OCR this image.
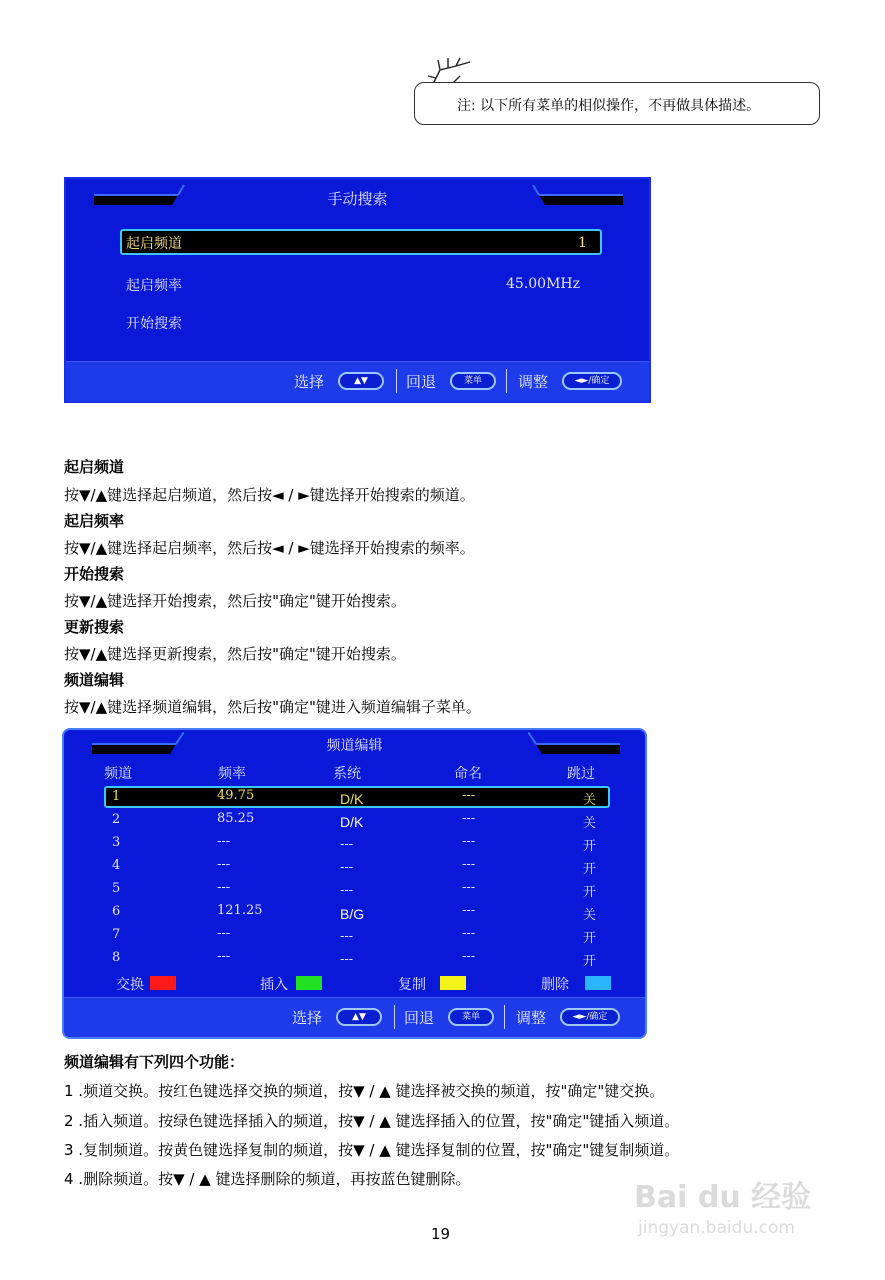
注: 以下所有菜单的相似操作，不再做具体描述。
手动搜索
起启频道	1
起启频率	45.00MHz
开始搜索
选择	▲▼	回退	菜单	调整	◄►/确定
起启频道
按▼/▲键选择起启频道，然后按◄ / ►键选择开始搜索的频道。
起启频率
按▼/▲键选择起启频率，然后按◄ / ►键选择开始搜索的频率。
开始搜索
按▼/▲键选择开始搜索，然后按"确定"键开始搜索。
更新搜索
按▼/▲键选择更新搜索，然后按"确定"键开始搜索。
频道编辑
按▼/▲键选择频道编辑，然后按"确定"键进入频道编辑子菜单。
频道编辑
频道	频率	系统	命名	跳过
交换	插入	复制	删除
选择	▲▼	回退	菜单	调整	◄►/确定
1	49.75	D/K	---	关
2	85.25	D/K	---	关
3	---	---	---	开
4	---	---	---	开
5	---	---	---	开
6	121.25	B/G	---	关
7	---	---	---	开
8	---	---	---	开
频道编辑有下列四个功能：
1 .频道交换。按红色键选择交换的频道，按▼ / ▲ 键选择被交换的频道，按"确定"键交换。
2 .插入频道。按绿色键选择插入的频道，按▼ / ▲ 键选择插入的位置，按"确定"键插入频道。
3 .复制频道。按黄色键选择复制的频道，按▼ / ▲ 键选择复制的位置，按"确定"键复制频道。
4 .删除频道。按▼ / ▲ 键选择删除的频道，再按蓝色键删除。
Bai du 经验
jingyan.baidu.com
19
